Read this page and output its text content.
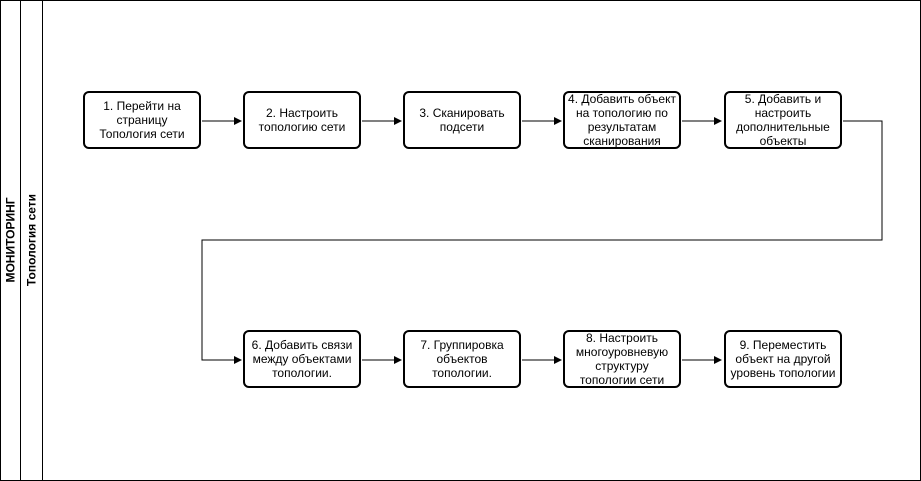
МОНИТОРИНГ Топология сети
1. Перейти на страницу Топология сети
2. Настроить топологию сети
3. Сканировать подсети
4. Добавить объект на топологию по результатам сканирования
5. Добавить и настроить дополнительные объекты
6. Добавить связи между объектами топологии.
7. Группировка объектов топологии.
8. Настроить многоуровневую структуру топологии сети
9. Переместить объект на другой уровень топологии
